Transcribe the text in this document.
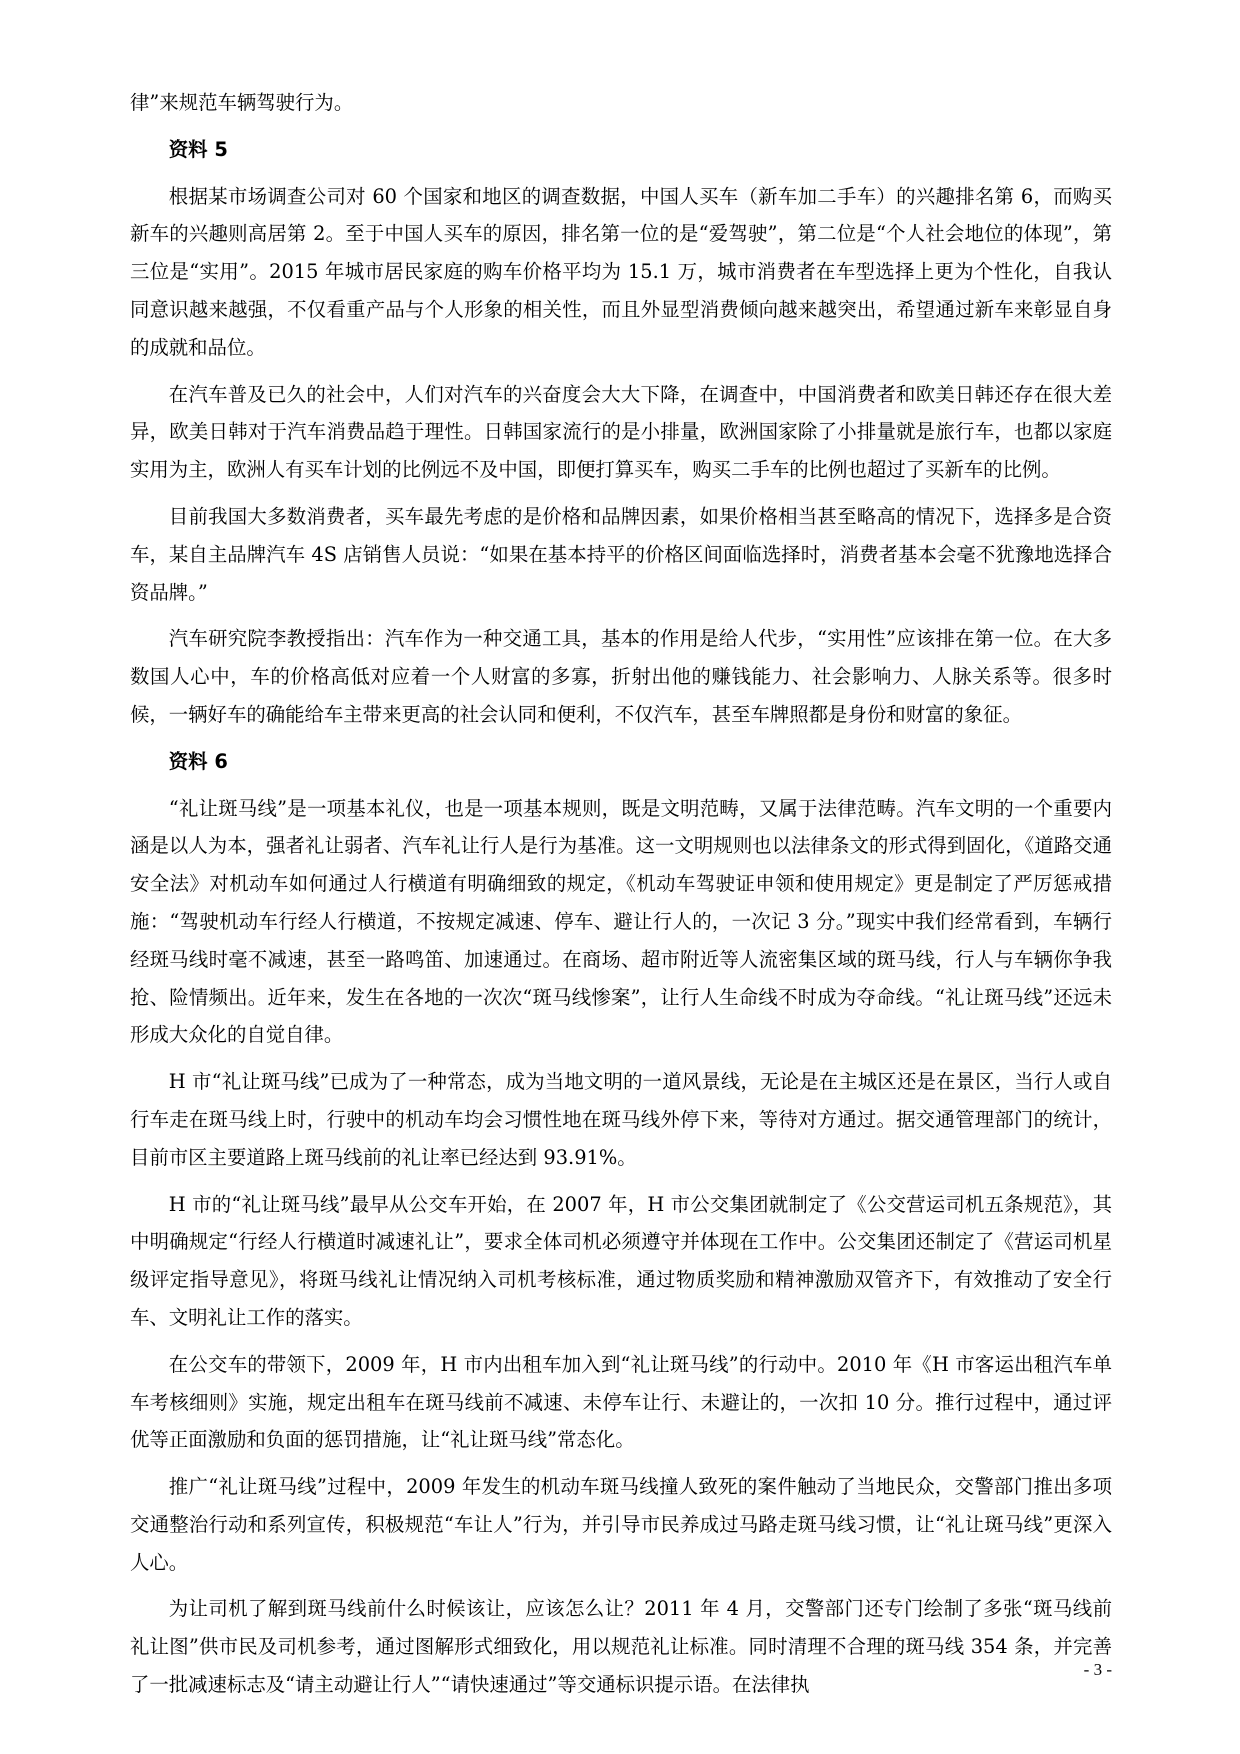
律”来规范车辆驾驶行为。

资料 5

根据某市场调查公司对 60 个国家和地区的调查数据，中国人买车（新车加二手车）的兴趣排名第 6，而购买新车的兴趣则高居第 2。至于中国人买车的原因，排名第一位的是“爱驾驶”，第二位是“个人社会地位的体现”，第三位是“实用”。2015 年城市居民家庭的购车价格平均为 15.1 万，城市消费者在车型选择上更为个性化，自我认同意识越来越强，不仅看重产品与个人形象的相关性，而且外显型消费倾向越来越突出，希望通过新车来彰显自身的成就和品位。

在汽车普及已久的社会中，人们对汽车的兴奋度会大大下降，在调查中，中国消费者和欧美日韩还存在很大差异，欧美日韩对于汽车消费品趋于理性。日韩国家流行的是小排量，欧洲国家除了小排量就是旅行车，也都以家庭实用为主，欧洲人有买车计划的比例远不及中国，即便打算买车，购买二手车的比例也超过了买新车的比例。

目前我国大多数消费者，买车最先考虑的是价格和品牌因素，如果价格相当甚至略高的情况下，选择多是合资车，某自主品牌汽车 4S 店销售人员说：“如果在基本持平的价格区间面临选择时，消费者基本会毫不犹豫地选择合资品牌。”

汽车研究院李教授指出：汽车作为一种交通工具，基本的作用是给人代步，“实用性”应该排在第一位。在大多数国人心中，车的价格高低对应着一个人财富的多寡，折射出他的赚钱能力、社会影响力、人脉关系等。很多时候，一辆好车的确能给车主带来更高的社会认同和便利，不仅汽车，甚至车牌照都是身份和财富的象征。

资料 6

“礼让斑马线”是一项基本礼仪，也是一项基本规则，既是文明范畴，又属于法律范畴。汽车文明的一个重要内涵是以人为本，强者礼让弱者、汽车礼让行人是行为基准。这一文明规则也以法律条文的形式得到固化，《道路交通安全法》对机动车如何通过人行横道有明确细致的规定，《机动车驾驶证申领和使用规定》更是制定了严厉惩戒措施：“驾驶机动车行经人行横道，不按规定减速、停车、避让行人的，一次记 3 分。”现实中我们经常看到，车辆行经斑马线时毫不减速，甚至一路鸣笛、加速通过。在商场、超市附近等人流密集区域的斑马线，行人与车辆你争我抢、险情频出。近年来，发生在各地的一次次“斑马线惨案”，让行人生命线不时成为夺命线。“礼让斑马线”还远未形成大众化的自觉自律。

H 市“礼让斑马线”已成为了一种常态，成为当地文明的一道风景线，无论是在主城区还是在景区，当行人或自行车走在斑马线上时，行驶中的机动车均会习惯性地在斑马线外停下来，等待对方通过。据交通管理部门的统计，目前市区主要道路上斑马线前的礼让率已经达到 93.91%。

H 市的“礼让斑马线”最早从公交车开始，在 2007 年，H 市公交集团就制定了《公交营运司机五条规范》，其中明确规定“行经人行横道时减速礼让”，要求全体司机必须遵守并体现在工作中。公交集团还制定了《营运司机星级评定指导意见》，将斑马线礼让情况纳入司机考核标准，通过物质奖励和精神激励双管齐下，有效推动了安全行车、文明礼让工作的落实。

在公交车的带领下，2009 年，H 市内出租车加入到“礼让斑马线”的行动中。2010 年《H 市客运出租汽车单车考核细则》实施，规定出租车在斑马线前不减速、未停车让行、未避让的，一次扣 10 分。推行过程中，通过评优等正面激励和负面的惩罚措施，让“礼让斑马线”常态化。

推广“礼让斑马线”过程中，2009 年发生的机动车斑马线撞人致死的案件触动了当地民众，交警部门推出多项交通整治行动和系列宣传，积极规范“车让人”行为，并引导市民养成过马路走斑马线习惯，让“礼让斑马线”更深入人心。

为让司机了解到斑马线前什么时候该让，应该怎么让？2011 年 4 月，交警部门还专门绘制了多张“斑马线前礼让图”供市民及司机参考，通过图解形式细致化，用以规范礼让标准。同时清理不合理的斑马线 354 条，并完善了一批减速标志及“请主动避让行人”“请快速通过”等交通标识提示语。在法律执

- 3 -
